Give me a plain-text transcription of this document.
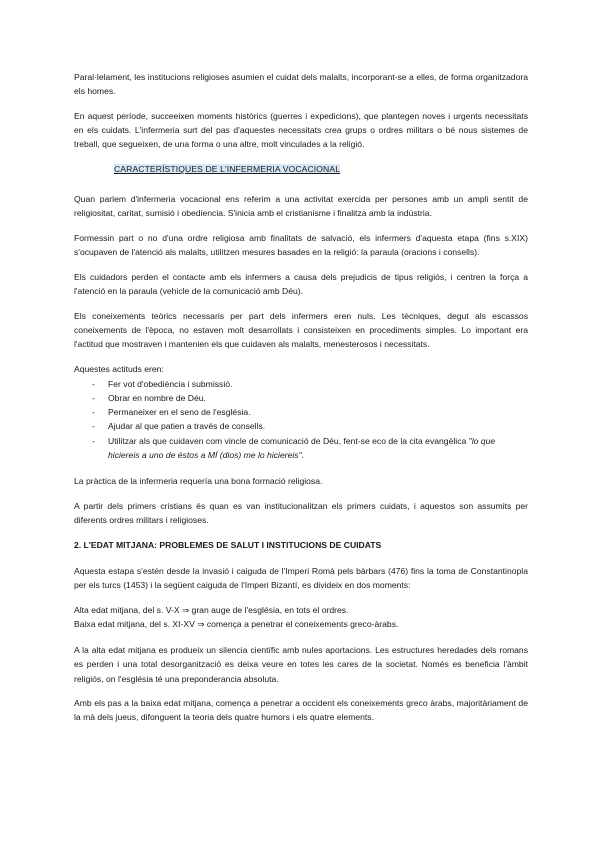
Paral·lelament, les institucions religioses asumien el cuidat dels malalts, incorporant-se a elles, de forma organitzadora els homes.

En aquest període, succeeixen moments històrics (guerres i expedicions), que plantegen noves i urgents necessitats en els cuidats. L'infermeria surt del pas d'aquestes necessitats crea grups o ordres militars o bé nous sistemes de treball, que segueixen, de una forma o una altre, molt vinculades a la religió.

CARACTERÍSTIQUES DE L'INFERMERIA VOCACIONAL

Quan parlem d'infermeria vocacional ens referim a una activitat exercida per persones amb un ampli sentit de religiositat, caritat, sumisió i obediencia. S'inicia amb el cristianisme i finalitza amb la indústria.

Formessin part o no d'una ordre religiosa amb finalitats de salvació, els infermers d'aquesta etapa (fins s.XIX) s'ocupaven de l'atenció als malalts, utilitzen mesures basades en la religió: la paraula (oracions i consells).

Els cuidadors perden el contacte amb els infermers a causa dels prejudicis de tipus religiós, i centren la força a l'atenció en la paraula (vehicle de la comunicació amb Déu).

Els coneixements teòrics necessaris per part dels infermers eren nuls. Les tècniques, degut als escassos coneixements de l'època, no estaven molt desarrollats i consisteixen en procediments simples. Lo important era l'actitud que mostraven i mantenien els que cuidaven als malalts, menesterosos i necessitats.

Aquestes actituds eren:

- Fer vot d'obediència i submissió.
- Obrar en nombre de Déu.
- Permaneixer en el seno de l'església.
- Ajudar al que patien a través de consells.
- Utilitzar als que cuidaven com vincle de comunicació de Déu, fent-se eco de la cita evangèlica "lo que hiciereis a uno de éstos a MÍ (dios) me lo hiciereis".

La pràctica de la infermeria requería una bona formació religiosa.

A partir dels primers cristians és quan es van institucionalitzan els primers cuidats, i aquestos son assumits per diferents ordres militars i religioses.

2. L'EDAT MITJANA: PROBLEMES DE SALUT I INSTITUCIONS DE CUIDATS

Aquesta estapa s'estén desde la invasió i caiguda de l'Imperi Romà pels bàrbars (476) fins la toma de Constantinopla per els turcs (1453) i la següent caiguda de l'Imperi Bizantí, es divideix en dos moments:

Alta edat mitjana, del s. V-X ⇒ gran auge de l'església, en tots el ordres.
Baixa edat mitjana, del s. XI-XV ⇒ comença a penetrar el coneixements greco-àrabs.

A la alta edat mitjana es produeix un silencia científic amb nules aportacions. Les estructures heredades dels romans es perden i una total desorganització es deixa veure en totes les cares de la societat. Només es beneficia l'àmbit religiós, on l'església té una preponderancia absoluta.

Amb els pas a la baixa edat mitjana, comença a penetrar a occident els coneixements greco àrabs, majoritàriament de la mà dels jueus, difonguent la teoria dels quatre humors i els quatre elements.
